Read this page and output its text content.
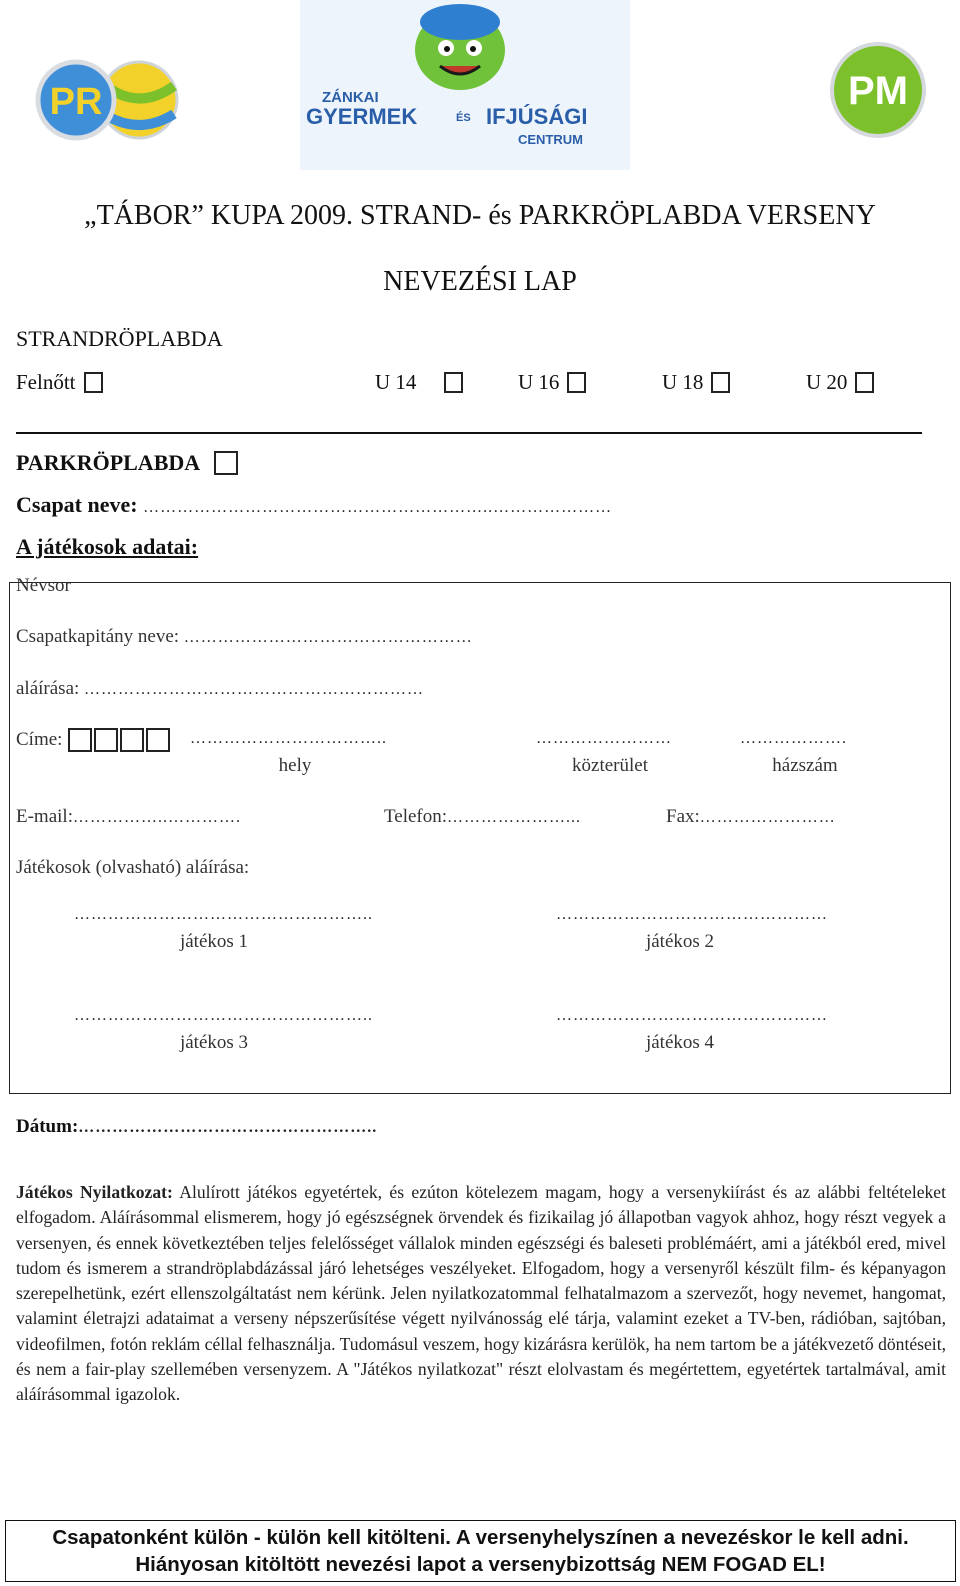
PR	ZÁNKAI
GYERMEK	ÉS IFJÚSÁGI
CENTRUM
PM
„TÁBOR” KUPA 2009. STRAND- és PARKRÖPLABDA VERSENY
NEVEZÉSI LAP
STRANDRÖPLABDA
Felnőtt	U 14	U 16	U 18	U 20
PARKRÖPLABDA
Csapat neve: ……………………………………………………..…………………
A játékosok adatai:
Névsor
Csapatkapitány neve: ……………………………………………
aláírása: ……………………………………………………
Címe:	……………………………..	……………………	……………….
hely	közterület	házszám
E-mail:……………..………….	Telefon:…………………...	Fax:……………………
Játékosok (olvasható) aláírása:
……………………………………………..	…………………………………………
játékos 1	játékos 2
……………………………………………..	…………………………………………
játékos 3	játékos 4
Dátum:……………………………………………..
Játékos Nyilatkozat: Alulírott játékos egyetértek, és ezúton kötelezem magam, hogy a versenykiírást és az alábbi feltételeket elfogadom. Aláírásommal elismerem, hogy jó egészségnek örvendek és fizikailag jó állapotban vagyok ahhoz, hogy részt vegyek a versenyen, és ennek következtében teljes felelősséget vállalok minden egészségi és baleseti problémáért, ami a játékból ered, mivel tudom és ismerem a strandröplabdázással járó lehetséges veszélyeket. Elfogadom, hogy a versenyről készült film- és képanyagon szerepelhetünk, ezért ellenszolgáltatást nem kérünk. Jelen nyilatkozatommal felhatalmazom a szervezőt, hogy nevemet, hangomat, valamint életrajzi adataimat a verseny népszerűsítése végett nyilvánosság elé tárja, valamint ezeket a TV-ben, rádióban, sajtóban, videofilmen, fotón reklám céllal felhasználja. Tudomásul veszem, hogy kizárásra kerülök, ha nem tartom be a játékvezető döntéseit, és nem a fair-play szellemében versenyzem. A "Játékos nyilatkozat" részt elolvastam és megértettem, egyetértek tartalmával, amit aláírásommal igazolok.
Csapatonként külön - külön kell kitölteni. A versenyhelyszínen a nevezéskor le kell adni.
Hiányosan kitöltött nevezési lapot a versenybizottság NEM FOGAD EL!
